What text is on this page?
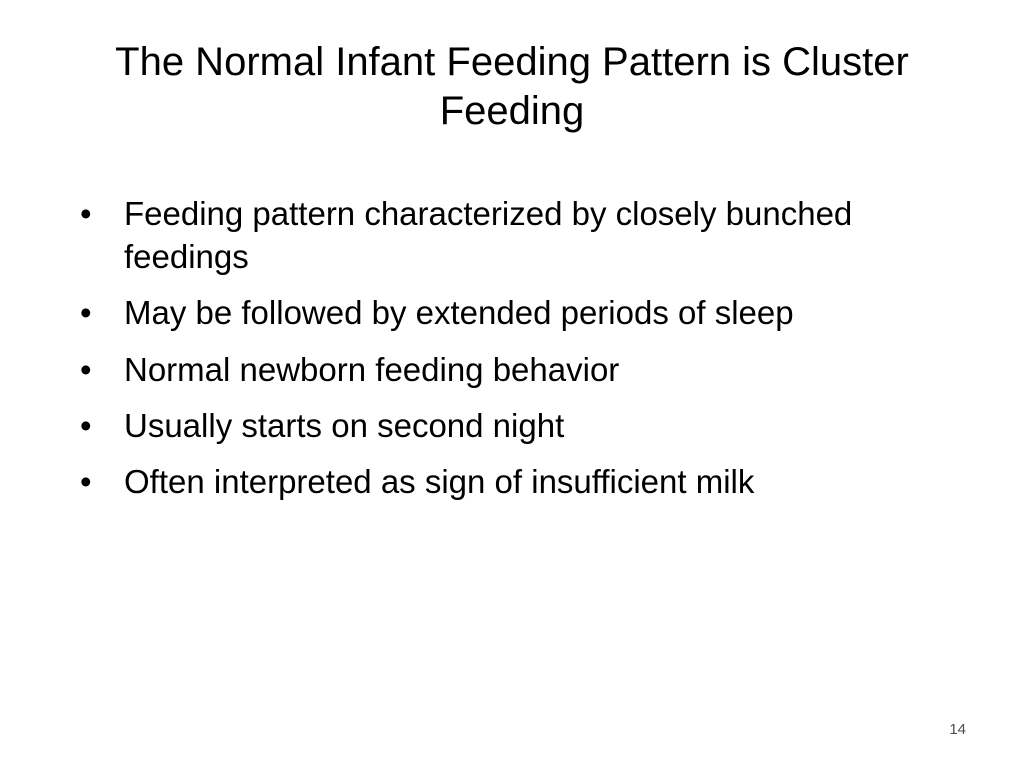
The Normal Infant Feeding Pattern is Cluster Feeding
• Feeding pattern characterized by closely bunched feedings
• May be followed by extended periods of sleep
• Normal newborn feeding behavior
• Usually starts on second night
• Often interpreted as sign of insufficient milk
14
